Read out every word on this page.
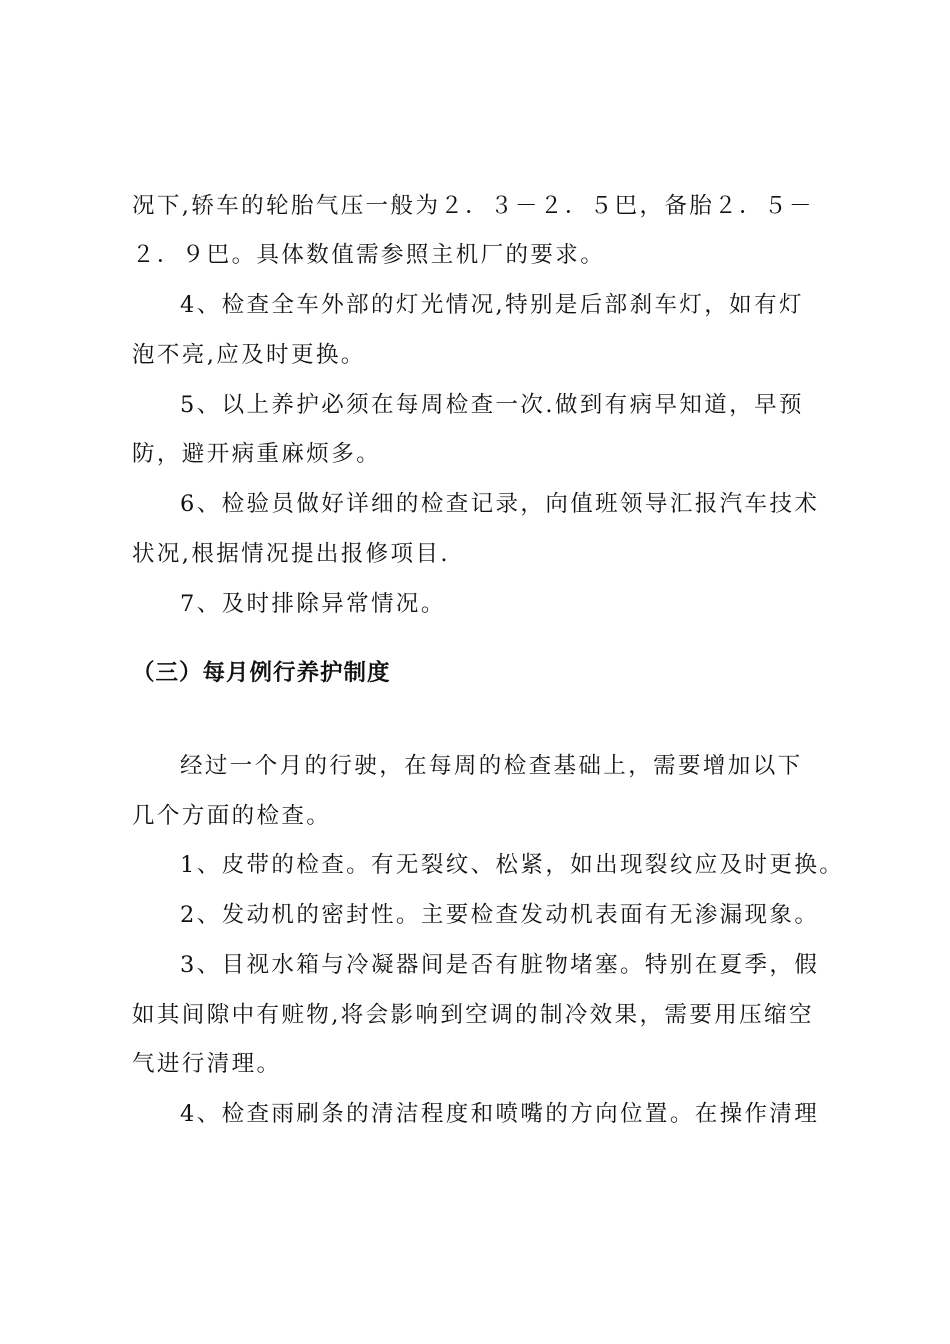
况下,轿车的轮胎气压一般为２．３－２．５巴，备胎２．５－
２．９巴。具体数值需参照主机厂的要求。
4、检查全车外部的灯光情况,特别是后部刹车灯，如有灯
泡不亮,应及时更换。
5、以上养护必须在每周检查一次.做到有病早知道，早预
防，避开病重麻烦多。
6、检验员做好详细的检查记录，向值班领导汇报汽车技术
状况,根据情况提出报修项目.
7、及时排除异常情况。
（三）每月例行养护制度
经过一个月的行驶，在每周的检查基础上，需要增加以下
几个方面的检查。
1、皮带的检查。有无裂纹、松紧，如出现裂纹应及时更换。
2、发动机的密封性。主要检查发动机表面有无渗漏现象。
3、目视水箱与冷凝器间是否有脏物堵塞。特别在夏季，假
如其间隙中有赃物,将会影响到空调的制冷效果，需要用压缩空
气进行清理。
4、检查雨刷条的清洁程度和喷嘴的方向位置。在操作清理
